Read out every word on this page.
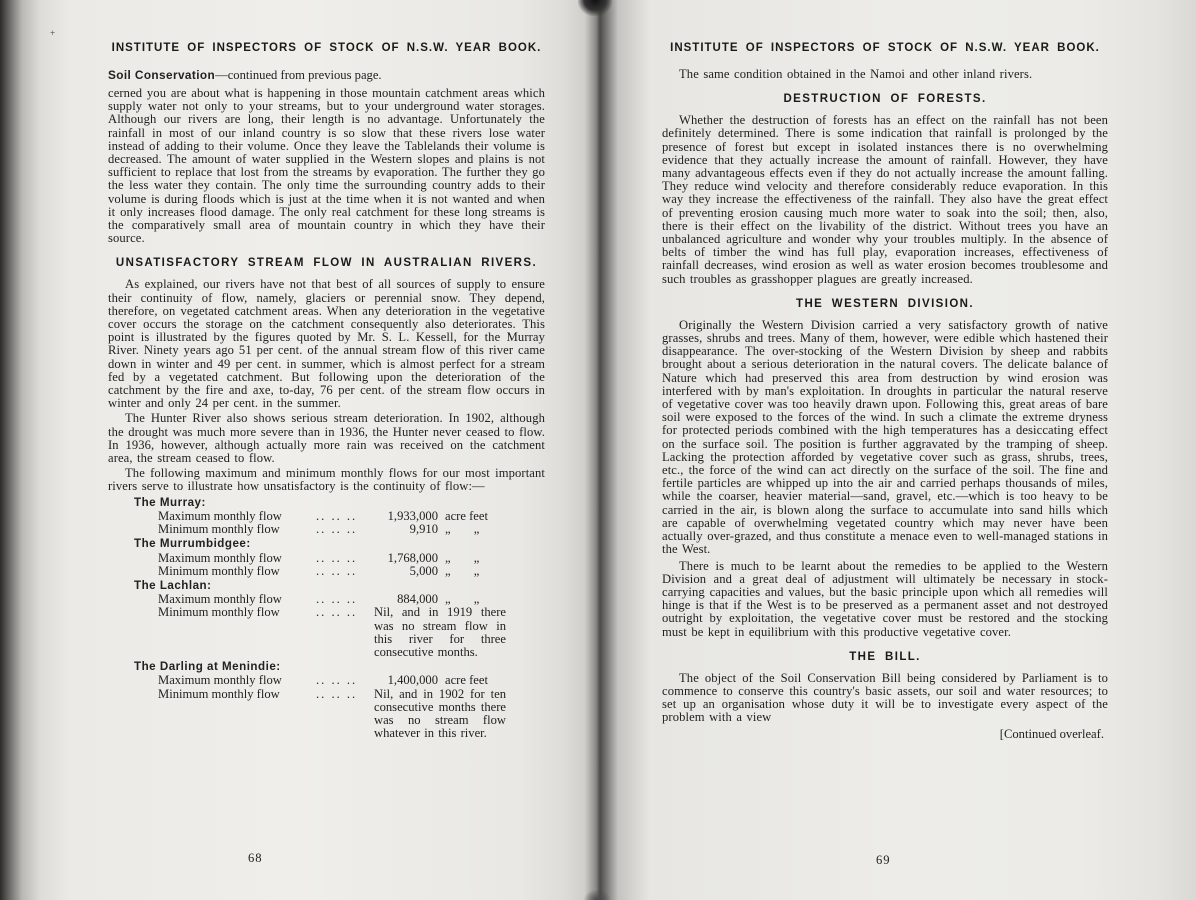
+
INSTITUTE OF INSPECTORS OF STOCK OF N.S.W. YEAR BOOK.
Soil Conservation—continued from previous page.

cerned you are about what is happening in those mountain catchment areas which supply water not only to your streams, but to your underground water storages. Although our rivers are long, their length is no advantage. Unfortunately the rainfall in most of our inland country is so slow that these rivers lose water instead of adding to their volume. Once they leave the Tablelands their volume is decreased. The amount of water supplied in the Western slopes and plains is not sufficient to replace that lost from the streams by evaporation. The further they go the less water they contain. The only time the surrounding country adds to their volume is during floods which is just at the time when it is not wanted and when it only increases flood damage. The only real catchment for these long streams is the comparatively small area of mountain country in which they have their source.

UNSATISFACTORY STREAM FLOW IN AUSTRALIAN RIVERS.

As explained, our rivers have not that best of all sources of supply to ensure their continuity of flow, namely, glaciers or perennial snow. They depend, therefore, on vegetated catchment areas. When any deterioration in the vegetative cover occurs the storage on the catchment consequently also deteriorates. This point is illustrated by the figures quoted by Mr. S. L. Kessell, for the Murray River. Ninety years ago 51 per cent. of the annual stream flow of this river came down in winter and 49 per cent. in summer, which is almost perfect for a stream fed by a vegetated catchment. But following upon the deterioration of the catchment by the fire and axe, to-day, 76 per cent. of the stream flow occurs in winter and only 24 per cent. in the summer.

The Hunter River also shows serious stream deterioration. In 1902, although the drought was much more severe than in 1936, the Hunter never ceased to flow. In 1936, however, although actually more rain was received on the catchment area, the stream ceased to flow.

The following maximum and minimum monthly flows for our most important rivers serve to illustrate how unsatisfactory is the continuity of flow:—

The Murray:
Maximum monthly flow	.. .. ..	1,933,000 acre feet
Minimum monthly flow	.. .. ..	9,910 „ „
The Murrumbidgee:
Maximum monthly flow	.. .. ..	1,768,000 „ „
Minimum monthly flow	.. .. ..	5,000 „ „
The Lachlan:
Maximum monthly flow	.. .. ..	884,000 „ „
Minimum monthly flow	.. .. ..	Nil, and in 1919 there was no stream flow in this river for three consecutive months.
The Darling at Menindie:
Maximum monthly flow	.. .. ..	1,400,000 acre feet
Minimum monthly flow	.. .. ..	Nil, and in 1902 for ten consecutive months there was no stream flow whatever in this river.
INSTITUTE OF INSPECTORS OF STOCK OF N.S.W. YEAR BOOK.

The same condition obtained in the Namoi and other inland rivers.

DESTRUCTION OF FORESTS.

Whether the destruction of forests has an effect on the rainfall has not been definitely determined. There is some indication that rainfall is prolonged by the presence of forest but except in isolated instances there is no overwhelming evidence that they actually increase the amount of rainfall. However, they have many advantageous effects even if they do not actually increase the amount falling. They reduce wind velocity and therefore considerably reduce evaporation. In this way they increase the effectiveness of the rainfall. They also have the great effect of preventing erosion causing much more water to soak into the soil; then, also, there is their effect on the livability of the district. Without trees you have an unbalanced agriculture and wonder why your troubles multiply. In the absence of belts of timber the wind has full play, evaporation increases, effectiveness of rainfall decreases, wind erosion as well as water erosion becomes troublesome and such troubles as grasshopper plagues are greatly increased.

THE WESTERN DIVISION.

Originally the Western Division carried a very satisfactory growth of native grasses, shrubs and trees. Many of them, however, were edible which hastened their disappearance. The over-stocking of the Western Division by sheep and rabbits brought about a serious deterioration in the natural covers. The delicate balance of Nature which had preserved this area from destruction by wind erosion was interfered with by man's exploitation. In droughts in particular the natural reserve of vegetative cover was too heavily drawn upon. Following this, great areas of bare soil were exposed to the forces of the wind. In such a climate the extreme dryness for protected periods combined with the high temperatures has a desiccating effect on the surface soil. The position is further aggravated by the tramping of sheep. Lacking the protection afforded by vegetative cover such as grass, shrubs, trees, etc., the force of the wind can act directly on the surface of the soil. The fine and fertile particles are whipped up into the air and carried perhaps thousands of miles, while the coarser, heavier material—sand, gravel, etc.—which is too heavy to be carried in the air, is blown along the surface to accumulate into sand hills which are capable of overwhelming vegetated country which may never have been actually over-grazed, and thus constitute a menace even to well-managed stations in the West.

There is much to be learnt about the remedies to be applied to the Western Division and a great deal of adjustment will ultimately be necessary in stock-carrying capacities and values, but the basic principle upon which all remedies will hinge is that if the West is to be preserved as a permanent asset and not destroyed outright by exploitation, the vegetative cover must be restored and the stocking must be kept in equilibrium with this productive vegetative cover.

THE BILL.

The object of the Soil Conservation Bill being considered by Parliament is to commence to conserve this country's basic assets, our soil and water resources; to set up an organisation whose duty it will be to investigate every aspect of the problem with a view

[Continued overleaf.
68	69
